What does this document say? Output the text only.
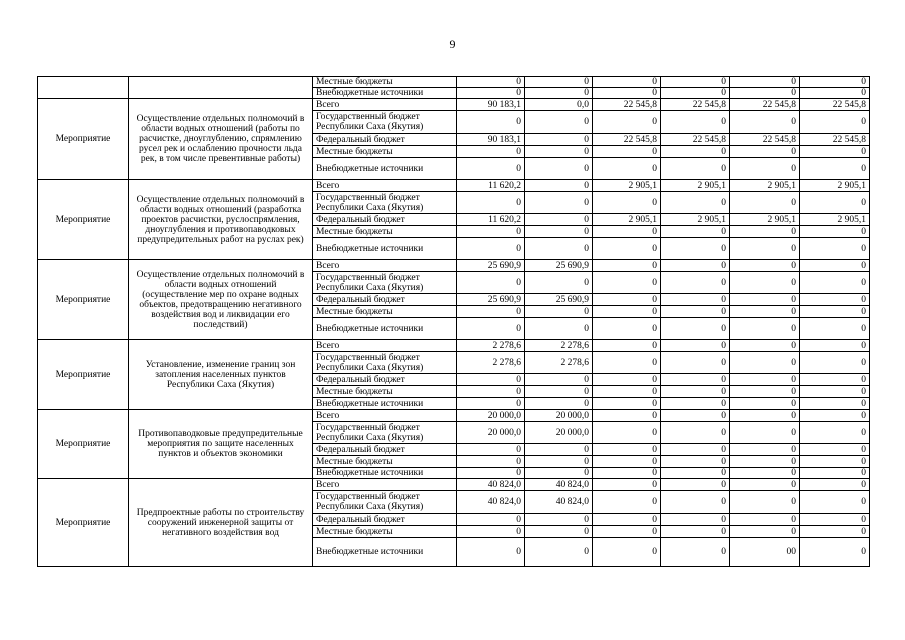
9
		Местные бюджеты	0	0	0	0	0	0
		Внебюджетные источники	0	0	0	0	0	0
Мероприятие	Осуществление отдельных полномочий в области водных отношений (работы по расчистке, дноуглублению, спрямлению русел рек и ослаблению прочности льда рек, в том числе превентивные работы)	Всего	90 183,1	0,0	22 545,8	22 545,8	22 545,8	22 545,8
		Государственный бюджет Республики Саха (Якутия)	0	0	0	0	0	0
		Федеральный бюджет	90 183,1	0	22 545,8	22 545,8	22 545,8	22 545,8
		Местные бюджеты	0	0	0	0	0	0
		Внебюджетные источники	0	0	0	0	0	0
Мероприятие	Осуществление отдельных полномочий в области водных отношений (разработка проектов расчистки, руслоспрямления, дноуглубления и противопаводковых предупредительных работ на руслах рек)	Всего	11 620,2	0	2 905,1	2 905,1	2 905,1	2 905,1
		Государственный бюджет Республики Саха (Якутия)	0	0	0	0	0	0
		Федеральный бюджет	11 620,2	0	2 905,1	2 905,1	2 905,1	2 905,1
		Местные бюджеты	0	0	0	0	0	0
		Внебюджетные источники	0	0	0	0	0	0
Мероприятие	Осуществление отдельных полномочий в области водных отношений (осуществление мер по охране водных объектов, предотвращению негативного воздействия вод и ликвидации его последствий)	Всего	25 690,9	25 690,9	0	0	0	0
		Государственный бюджет Республики Саха (Якутия)	0	0	0	0	0	0
		Федеральный бюджет	25 690,9	25 690,9	0	0	0	0
		Местные бюджеты	0	0	0	0	0	0
		Внебюджетные источники	0	0	0	0	0	0
Мероприятие	Установление, изменение границ зон затопления населенных пунктов Республики Саха (Якутия)	Всего	2 278,6	2 278,6	0	0	0	0
		Государственный бюджет Республики Саха (Якутия)	2 278,6	2 278,6	0	0	0	0
		Федеральный бюджет	0	0	0	0	0	0
		Местные бюджеты	0	0	0	0	0	0
		Внебюджетные источники	0	0	0	0	0	0
Мероприятие	Противопаводковые предупредительные мероприятия по защите населенных пунктов и объектов экономики	Всего	20 000,0	20 000,0	0	0	0	0
		Государственный бюджет Республики Саха (Якутия)	20 000,0	20 000,0	0	0	0	0
		Федеральный бюджет	0	0	0	0	0	0
		Местные бюджеты	0	0	0	0	0	0
		Внебюджетные источники	0	0	0	0	0	0
Мероприятие	Предпроектные работы по строительству сооружений инженерной защиты от негативного воздействия вод	Всего	40 824,0	40 824,0	0	0	0	0
		Государственный бюджет Республики Саха (Якутия)	40 824,0	40 824,0	0	0	0	0
		Федеральный бюджет	0	0	0	0	0	0
		Местные бюджеты	0	0	0	0	0	0
		Внебюджетные источники	0	0	0	0	00	0
